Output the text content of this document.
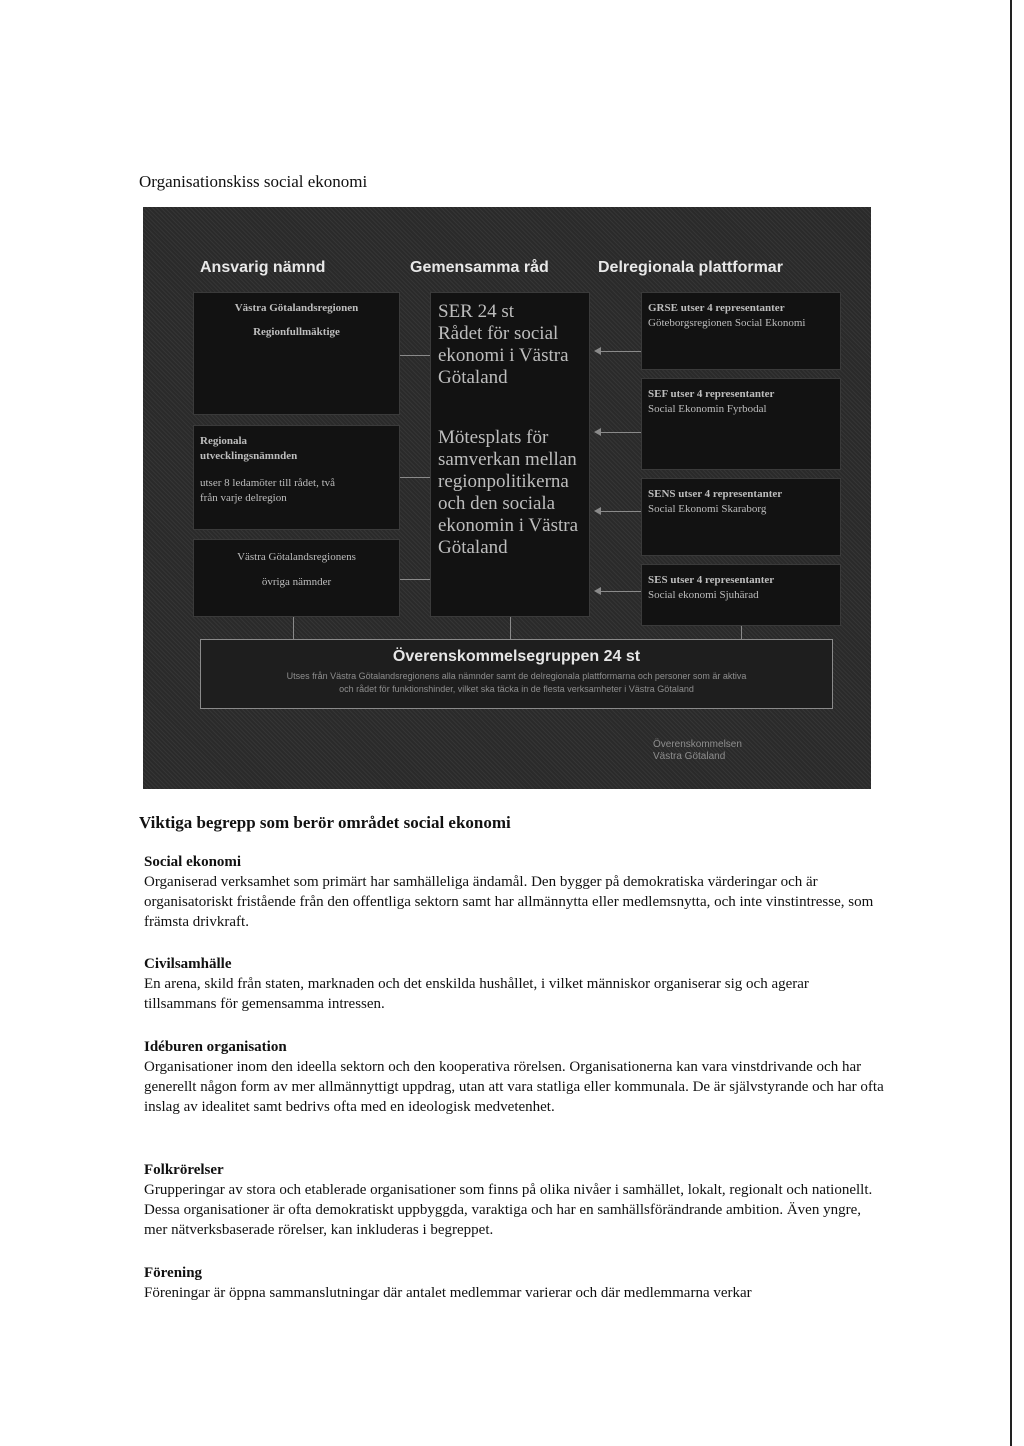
Organisationskiss social ekonomi
Ansvarig nämnd	Gemensamma råd	Delregionala plattformar

Västra Götalandsregionen

Regionfullmäktige

Regionala

utvecklingsnämnden

utser 8 ledamöter till rådet, två

från varje delregion

Västra Götalandsregionens

övriga nämnder

SER 24 st
Rådet för social ekonomi i Västra Götaland

Mötesplats för samverkan mellan regionpolitikerna och den sociala ekonomin i Västra Götaland

GRSE utser 4 representanter

Göteborgsregionen Social Ekonomi

SEF utser 4 representanter

Social Ekonomin Fyrbodal

SENS utser 4 representanter

Social Ekonomi Skaraborg

SES utser 4 representanter

Social ekonomi Sjuhärad

Överenskommelsegruppen 24 st
Utses från Västra Götalandsregionens alla nämnder samt de delregionala plattformarna och personer som är aktiva
och rådet för funktionshinder, vilket ska täcka in de flesta verksamheter i Västra Götaland
Överenskommelsen
Västra Götaland
Viktiga begrepp som berör området social ekonomi
Social ekonomi
Organiserad verksamhet som primärt har samhälleliga ändamål. Den bygger på demokratiska värderingar och är organisatoriskt fristående från den offentliga sektorn samt har allmännytta eller medlemsnytta, och inte vinstintresse, som främsta drivkraft.
Civilsamhälle
En arena, skild från staten, marknaden och det enskilda hushållet, i vilket människor organiserar sig och agerar tillsammans för gemensamma intressen.
Idéburen organisation
Organisationer inom den ideella sektorn och den kooperativa rörelsen. Organisationerna kan vara vinstdrivande och har generellt någon form av mer allmännyttigt uppdrag, utan att vara statliga eller kommunala. De är självstyrande och har ofta inslag av idealitet samt bedrivs ofta med en ideologisk medvetenhet.
Folkrörelser
Grupperingar av stora och etablerade organisationer som finns på olika nivåer i samhället, lokalt, regionalt och nationellt. Dessa organisationer är ofta demokratiskt uppbyggda, varaktiga och har en samhällsförändrande ambition. Även yngre, mer nätverksbaserade rörelser, kan inkluderas i begreppet.
Förening
Föreningar är öppna sammanslutningar där antalet medlemmar varierar och där medlemmarna verkar
